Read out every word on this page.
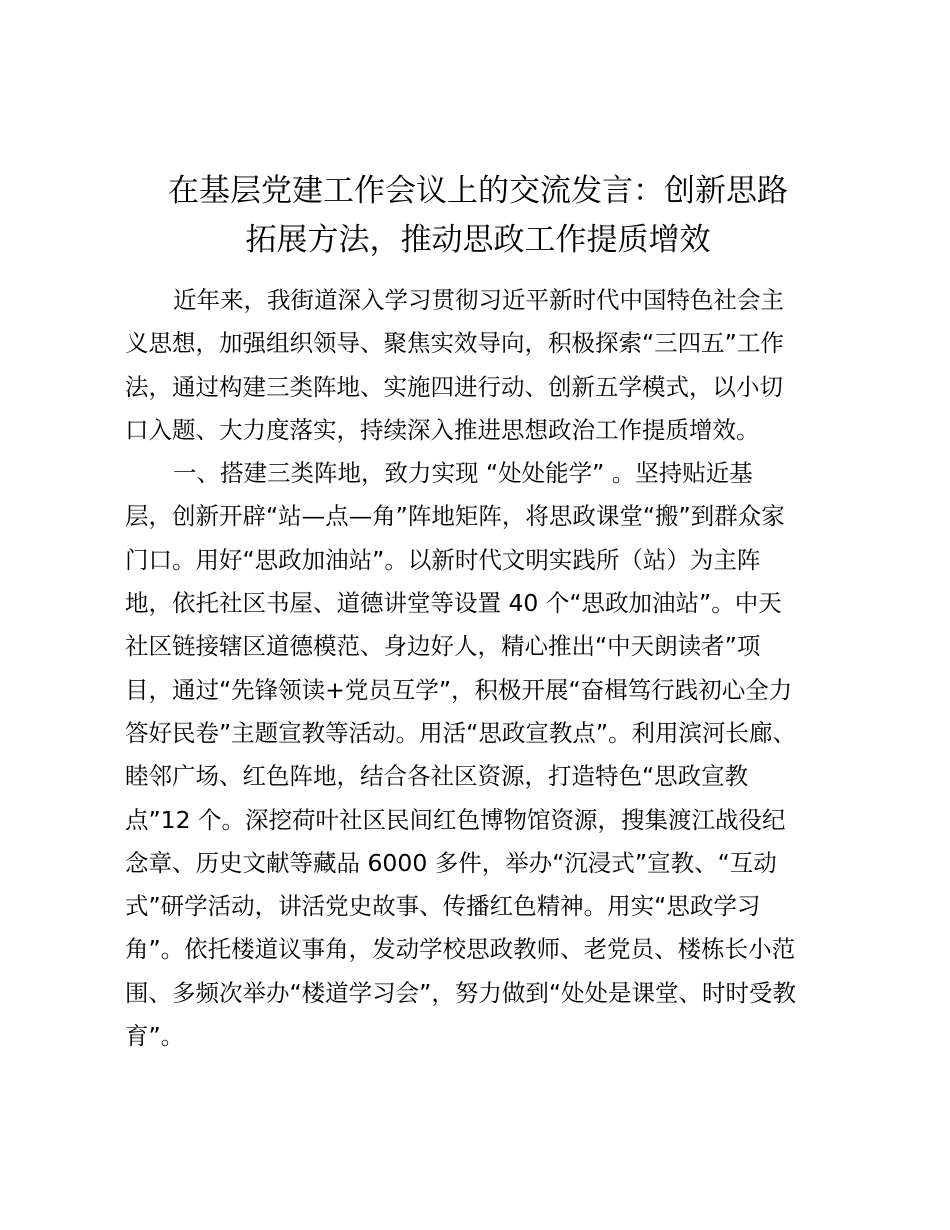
在基层党建工作会议上的交流发言：创新思路
拓展方法，推动思政工作提质增效
近年来，我街道深入学习贯彻习近平新时代中国特色社会主
义思想，加强组织领导、聚焦实效导向，积极探索“三四五”工作
法，通过构建三类阵地、实施四进行动、创新五学模式，以小切
口入题、大力度落实，持续深入推进思想政治工作提质增效。
一、搭建三类阵地，致力实现 “处处能学” 。坚持贴近基
层，创新开辟“站—点—角”阵地矩阵，将思政课堂“搬”到群众家
门口。用好“思政加油站”。以新时代文明实践所（站）为主阵
地，依托社区书屋、道德讲堂等设置 40 个“思政加油站”。中天
社区链接辖区道德模范、身边好人，精心推出“中天朗读者”项
目，通过“先锋领读+党员互学”，积极开展“奋楫笃行践初心全力
答好民卷”主题宣教等活动。用活“思政宣教点”。利用滨河长廊、
睦邻广场、红色阵地，结合各社区资源，打造特色“思政宣教
点”12 个。深挖荷叶社区民间红色博物馆资源，搜集渡江战役纪
念章、历史文献等藏品 6000 多件，举办“沉浸式”宣教、“互动
式”研学活动，讲活党史故事、传播红色精神。用实“思政学习
角”。依托楼道议事角，发动学校思政教师、老党员、楼栋长小范
围、多频次举办“楼道学习会”，努力做到“处处是课堂、时时受教
育”。
